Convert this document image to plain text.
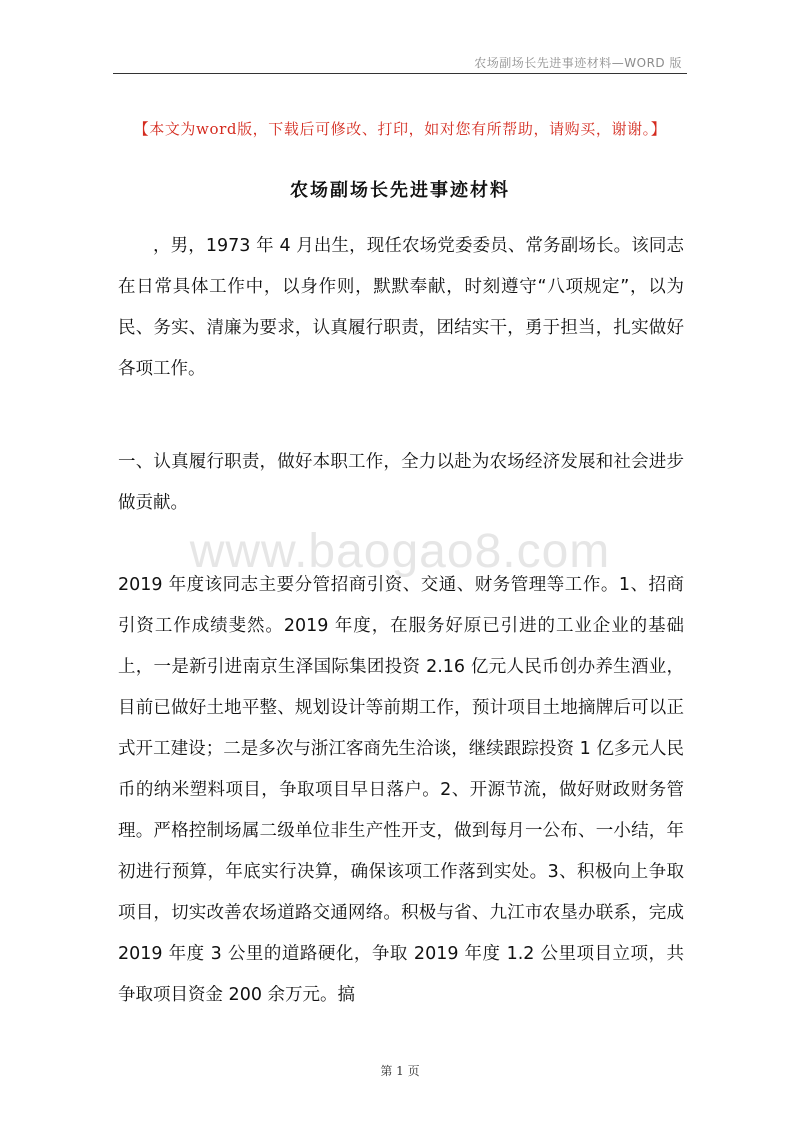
农场副场长先进事迹材料—WORD 版
【本文为word版，下载后可修改、打印，如对您有所帮助，请购买，谢谢。】
农场副场长先进事迹材料

，男，1973 年 4 月出生，现任农场党委委员、常务副场长。该同志在日常具体工作中，以身作则，默默奉献，时刻遵守“八项规定”，以为民、务实、清廉为要求，认真履行职责，团结实干，勇于担当，扎实做好各项工作。

一、认真履行职责，做好本职工作，全力以赴为农场经济发展和社会进步做贡献。

www.baogao8.com

2019 年度该同志主要分管招商引资、交通、财务管理等工作。1、招商引资工作成绩斐然。2019 年度，在服务好原已引进的工业企业的基础上，一是新引进南京生泽国际集团投资 2.16 亿元人民币创办养生酒业，目前已做好土地平整、规划设计等前期工作，预计项目土地摘牌后可以正式开工建设；二是多次与浙江客商先生洽谈，继续跟踪投资 1 亿多元人民币的纳米塑料项目，争取项目早日落户。2、开源节流，做好财政财务管理。严格控制场属二级单位非生产性开支，做到每月一公布、一小结，年初进行预算，年底实行决算，确保该项工作落到实处。3、积极向上争取项目，切实改善农场道路交通网络。积极与省、九江市农垦办联系，完成 2019 年度 3 公里的道路硬化，争取 2019 年度 1.2 公里项目立项，共争取项目资金 200 余万元。搞

第 1 页
